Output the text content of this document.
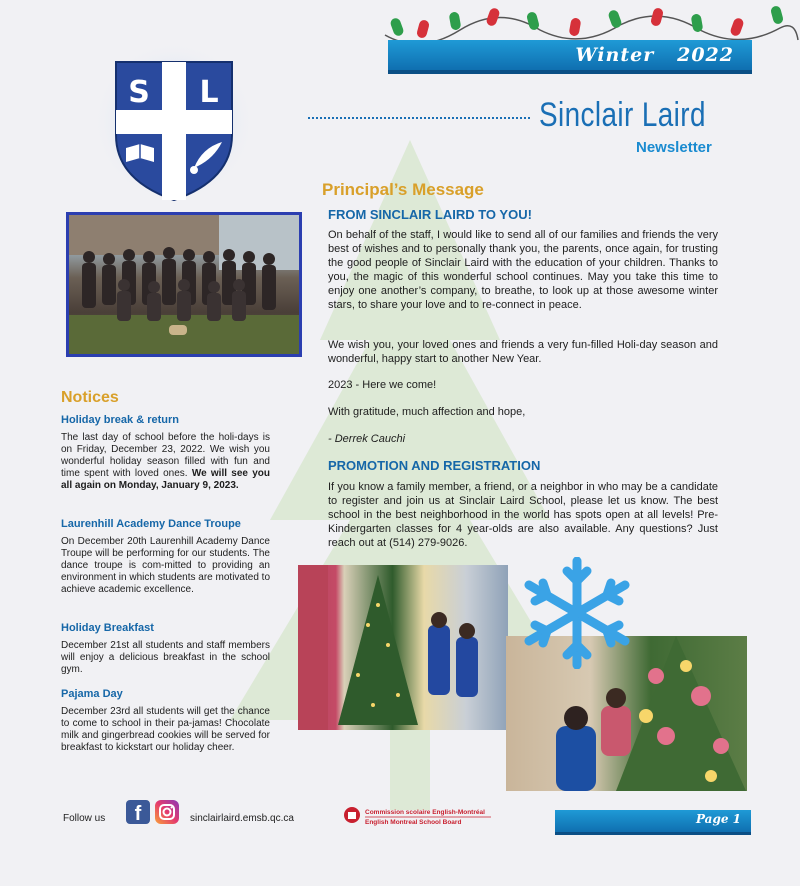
Winter 2022
Sinclair Laird
Newsletter
S L
Principal’s Message
FROM SINCLAIR LAIRD TO YOU!
On behalf of the staff, I would like to send all of our families and friends the very best of wishes and to personally thank you, the parents, once again, for trusting the good people of Sinclair Laird with the education of your children. Thanks to you, the magic of this wonderful school continues. May you take this time to enjoy one another’s company, to breathe, to look up at those awesome winter stars, to share your love and to re-connect in peace.
We wish you, your loved ones and friends a very fun-filled Holi-day season and wonderful, happy start to another New Year.
2023 - Here we come!
With gratitude, much affection and hope,
- Derrek Cauchi
PROMOTION AND REGISTRATION
If you know a family member, a friend, or a neighbor in who may be a candidate to register and join us at Sinclair Laird School, please let us know. The best school in the best neighborhood in the world has spots open at all levels! Pre-Kindergarten classes for 4 year-olds are also available. Any questions? Just reach out at (514) 279-9026.
Notices
Holiday break & return
The last day of school before the holi-days is on Friday, December 23, 2022. We wish you wonderful holiday season filled with fun and time spent with loved ones. We will see you all again on Monday, January 9, 2023.
Laurenhill Academy Dance Troupe
On December 20th Laurenhill Academy Dance Troupe will be performing for our students. The dance troupe is com-mitted to providing an environment in which students are motivated to achieve academic excellence.
Holiday Breakfast
December 21st all students and staff members will enjoy a delicious breakfast in the school gym.
Pajama Day
December 23rd all students will get the chance to come to school in their pa-jamas! Chocolate milk and gingerbread cookies will be served for breakfast to kickstart our holiday cheer.
Follow us	f	sinclairlaird.emsb.qc.ca
Commission scolaire English-Montréal
English Montreal School Board	Page 1
